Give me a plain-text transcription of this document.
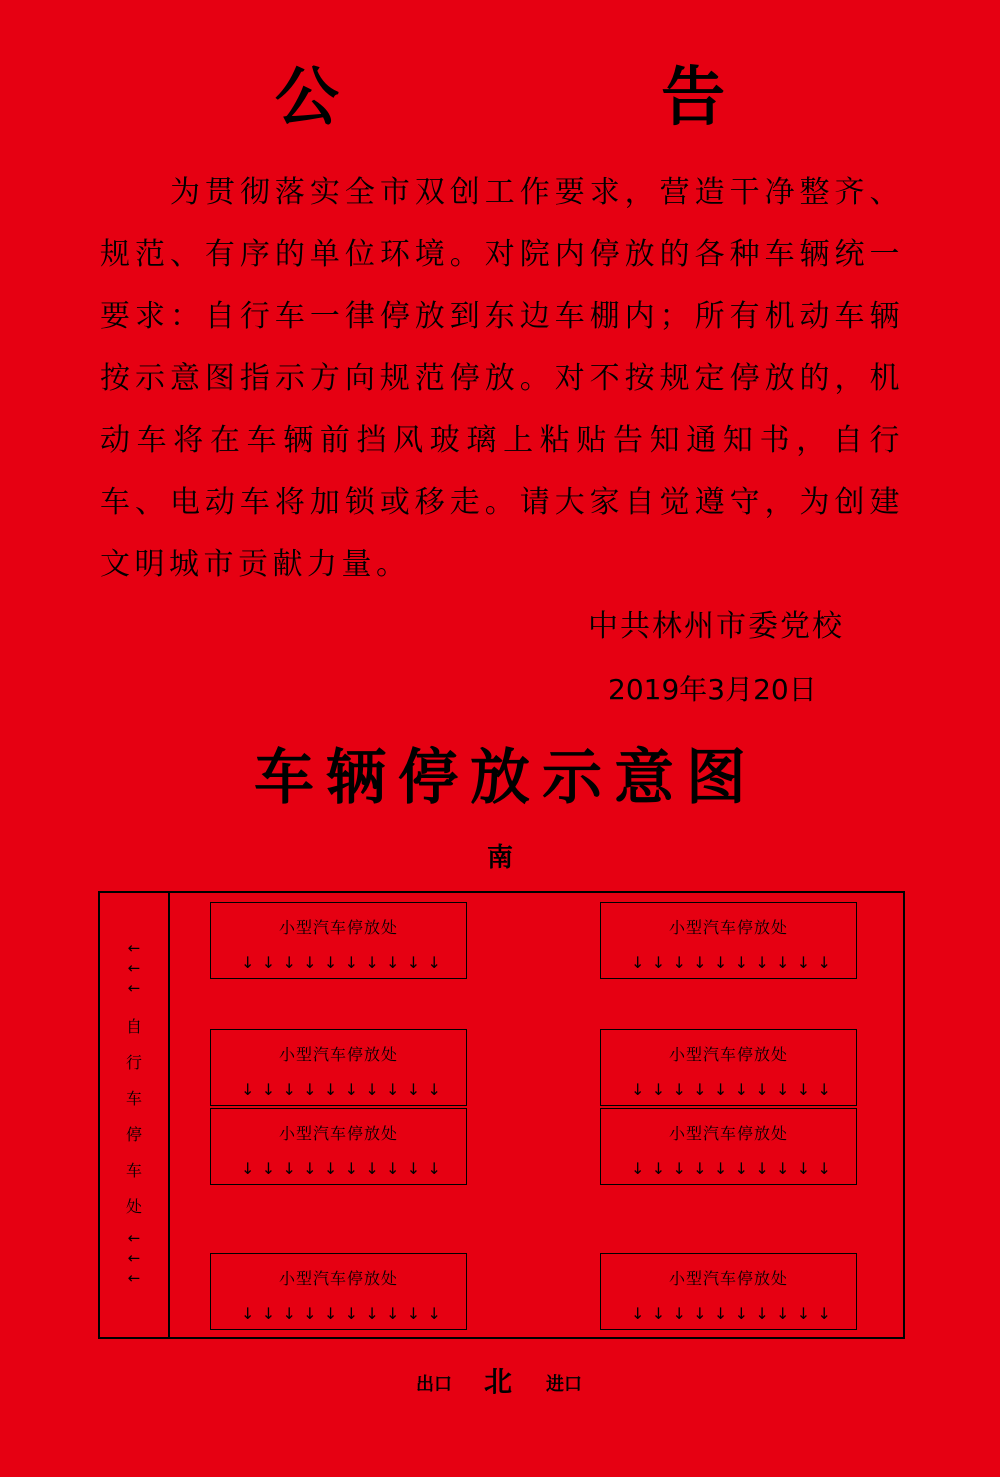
公 告
为贯彻落实全市双创工作要求，营造干净整齐、
规范、有序的单位环境。对院内停放的各种车辆统一
要求：自行车一律停放到东边车棚内；所有机动车辆
按示意图指示方向规范停放。对不按规定停放的，机
动车将在车辆前挡风玻璃上粘贴告知通知书，自行
车、电动车将加锁或移走。请大家自觉遵守，为创建
文明城市贡献力量。
中共林州市委党校
2019年3月20日
车辆停放示意图
南
←
←
←
自
行
车
停
车
处
←
←
←
小型汽车停放处
↓ ↓ ↓ ↓ ↓ ↓ ↓ ↓ ↓ ↓
小型汽车停放处
↓ ↓ ↓ ↓ ↓ ↓ ↓ ↓ ↓ ↓
小型汽车停放处
↓ ↓ ↓ ↓ ↓ ↓ ↓ ↓ ↓ ↓
小型汽车停放处
↓ ↓ ↓ ↓ ↓ ↓ ↓ ↓ ↓ ↓
小型汽车停放处
↓ ↓ ↓ ↓ ↓ ↓ ↓ ↓ ↓ ↓
小型汽车停放处
↓ ↓ ↓ ↓ ↓ ↓ ↓ ↓ ↓ ↓
小型汽车停放处
↓ ↓ ↓ ↓ ↓ ↓ ↓ ↓ ↓ ↓
小型汽车停放处
↓ ↓ ↓ ↓ ↓ ↓ ↓ ↓ ↓ ↓
出口 北 进口
